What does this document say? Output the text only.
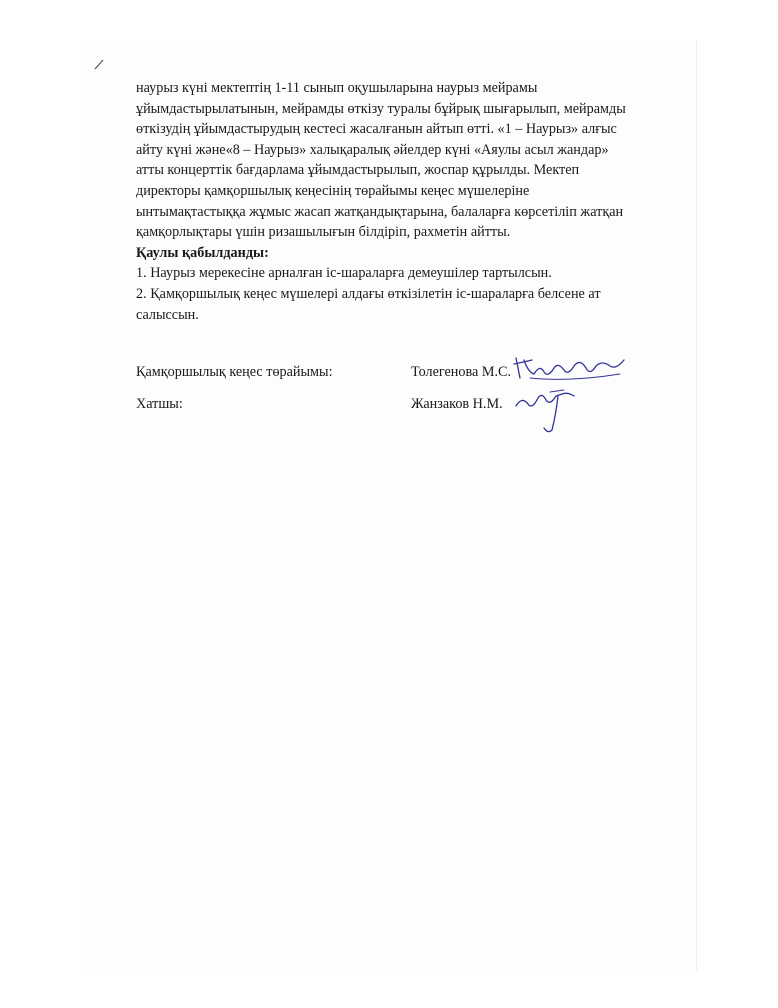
наурыз күні мектептің 1-11 сынып оқушыларына наурыз мейрамы ұйымдастырылатынын, мейрамды өткізу туралы бұйрық шығарылып, мейрамды өткізудің ұйымдастырудың кестесі жасалғанын айтып өтті. «1 – Наурыз» алғыс айту күні және«8 – Наурыз» халықаралық әйелдер күні «Аяулы асыл жандар» атты концерттік бағдарлама ұйымдастырылып, жоспар құрылды. Мектеп директоры қамқоршылық кеңесінің төрайымы кеңес мүшелеріне ынтымақтастыққа жұмыс жасап жатқандықтарына, балаларға көрсетіліп жатқан қамқорлықтары үшін ризашылығын білдіріп, рахметін айтты.

Қаулы қабылданды:

1. Наурыз мерекесіне арналған іс-шараларға демеушілер тартылсын.

2. Қамқоршылық кеңес мүшелері алдағы өткізілетін іс-шараларға белсене ат салыссын.

Қамқоршылық кеңес төрайымы:	Толегенова М.С.
Хатшы:	Жанзаков Н.М.
